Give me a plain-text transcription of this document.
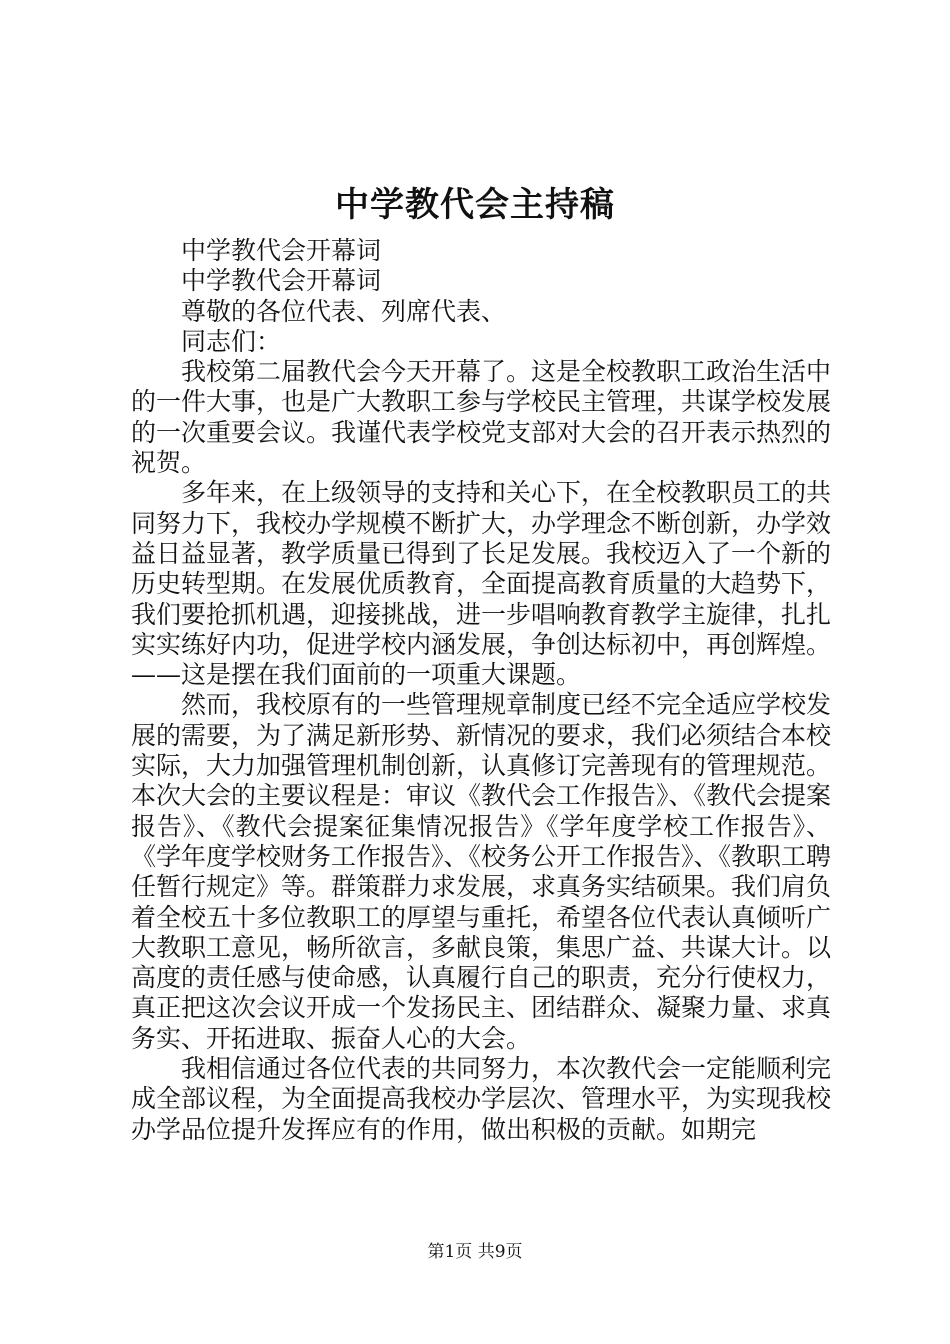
中学教代会主持稿

中学教代会开幕词

中学教代会开幕词

尊敬的各位代表、列席代表、

同志们：

我校第二届教代会今天开幕了。这是全校教职工政治生活中的一件大事，也是广大教职工参与学校民主管理，共谋学校发展的一次重要会议。我谨代表学校党支部对大会的召开表示热烈的祝贺。

多年来，在上级领导的支持和关心下，在全校教职员工的共同努力下，我校办学规模不断扩大，办学理念不断创新，办学效益日益显著，教学质量已得到了长足发展。我校迈入了一个新的历史转型期。在发展优质教育，全面提高教育质量的大趋势下，我们要抢抓机遇，迎接挑战，进一步唱响教育教学主旋律，扎扎实实练好内功，促进学校内涵发展，争创达标初中，再创辉煌。——这是摆在我们面前的一项重大课题。

然而，我校原有的一些管理规章制度已经不完全适应学校发展的需要，为了满足新形势、新情况的要求，我们必须结合本校实际，大力加强管理机制创新，认真修订完善现有的管理规范。本次大会的主要议程是：审议《教代会工作报告》、《教代会提案报告》、《教代会提案征集情况报告》《学年度学校工作报告》、《学年度学校财务工作报告》、《校务公开工作报告》、《教职工聘任暂行规定》等。群策群力求发展，求真务实结硕果。我们肩负着全校五十多位教职工的厚望与重托，希望各位代表认真倾听广大教职工意见，畅所欲言，多献良策，集思广益、共谋大计。以高度的责任感与使命感，认真履行自己的职责，充分行使权力，真正把这次会议开成一个发扬民主、团结群众、凝聚力量、求真务实、开拓进取、振奋人心的大会。

我相信通过各位代表的共同努力，本次教代会一定能顺利完成全部议程，为全面提高我校办学层次、管理水平，为实现我校办学品位提升发挥应有的作用，做出积极的贡献。如期完

第1页 共9页
